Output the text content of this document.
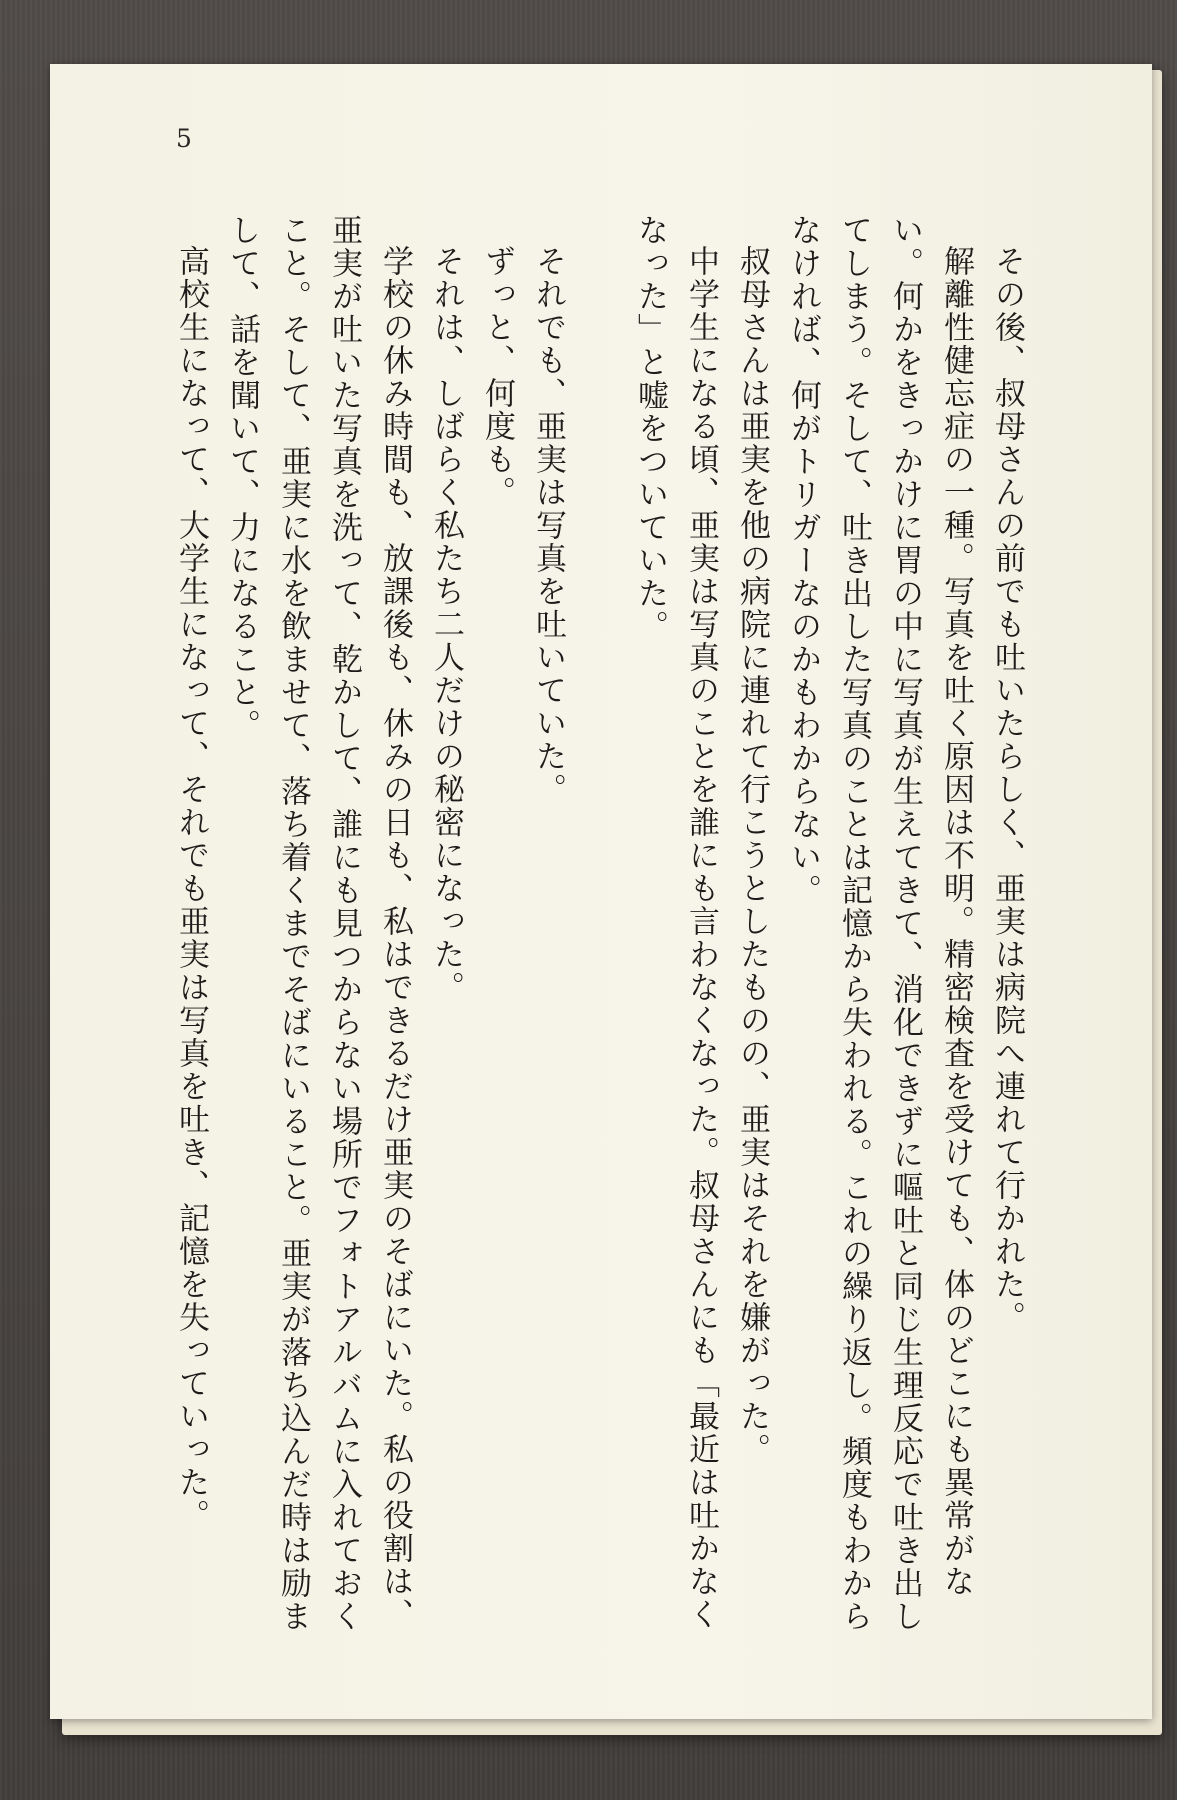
5

その後、叔母さんの前でも吐いたらしく、亜実は病院へ連れて行かれた。

解離性健忘症の一種。写真を吐く原因は不明。精密検査を受けても、体のどこにも異常がない。何かをきっかけに胃の中に写真が生えてきて、消化できずに嘔吐と同じ生理反応で吐き出してしまう。そして、吐き出した写真のことは記憶から失われる。これの繰り返し。頻度もわからなければ、何がトリガーなのかもわからない。

叔母さんは亜実を他の病院に連れて行こうとしたものの、亜実はそれを嫌がった。

中学生になる頃、亜実は写真のことを誰にも言わなくなった。叔母さんにも「最近は吐かなくなった」と嘘をついていた。

それでも、亜実は写真を吐いていた。

ずっと、何度も。

それは、しばらく私たち二人だけの秘密になった。

学校の休み時間も、放課後も、休みの日も、私はできるだけ亜実のそばにいた。私の役割は、亜実が吐いた写真を洗って、乾かして、誰にも見つからない場所でフォトアルバムに入れておくこと。そして、亜実に水を飲ませて、落ち着くまでそばにいること。亜実が落ち込んだ時は励まして、話を聞いて、力になること。

高校生になって、大学生になって、それでも亜実は写真を吐き、記憶を失っていった。
